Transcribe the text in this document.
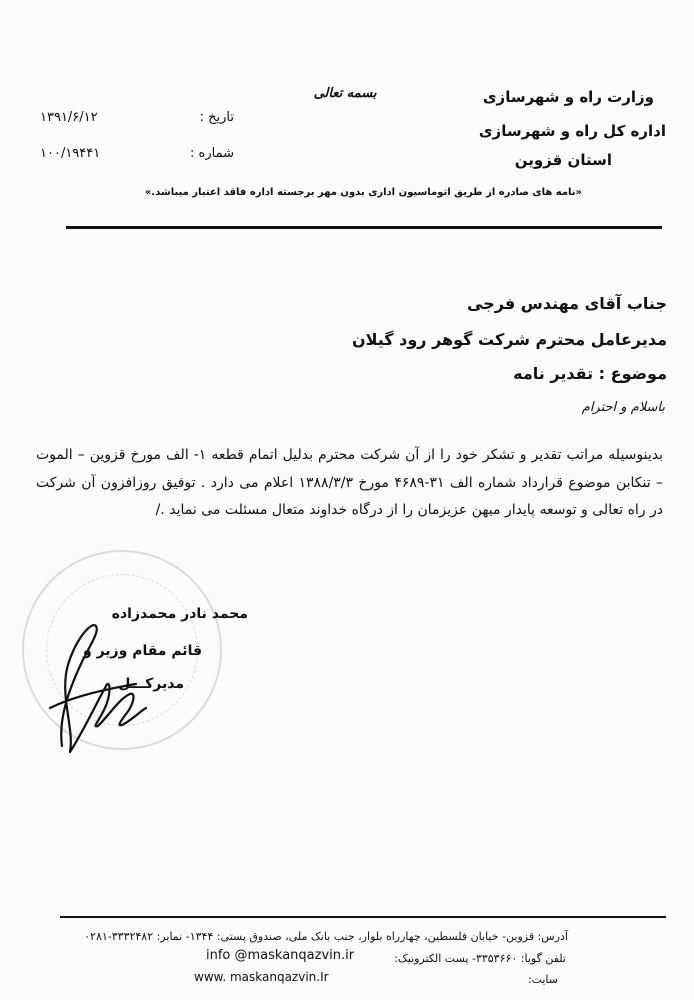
وزارت راه و شهرسازی
اداره کل راه و شهرسازی
استان قزوین
بسمه تعالی
تاریخ :
شماره :
۱۳۹۱/۶/۱۲
۱۰۰/۱۹۴۴۱
«نامه های صادره از طریق اتوماسیون اداری بدون مهر برجسته اداره فاقد اعتبار میباشد.»
جناب آقای مهندس فرجی
مدیرعامل محترم شرکت گوهر رود گیلان
موضوع : تقدیر نامه
باسلام و احترام
بدینوسیله مراتب تقدیر و تشکر خود را از آن شرکت محترم بدلیل اتمام قطعه ۱- الف مورخ قزوین – الموت – تنکابن موضوع قرارداد شماره الف ۳۱-۴۶۸۹ مورخ ۱۳۸۸/۳/۳ اعلام می دارد . توفیق روزافزون آن شرکت در راه تعالی و توسعه پایدار میهن عزیزمان را از درگاه خداوند متعال مسئلت می نماید ./
محمد نادر محمدزاده
قائم مقام وزیر و
مدیرکـــل
آدرس: قزوین- خیابان فلسطین، چهارراه بلوار، جنب بانک ملی، صندوق پستی: ۱۳۴۴- نمابر: ۳۳۳۲۴۸۲-۰۲۸۱
تلفن گویا: ۳۳۵۳۶۶۰- پست الکترونیک:
info @maskanqazvin.ir
سایت:
www. maskanqazvin.Ir
